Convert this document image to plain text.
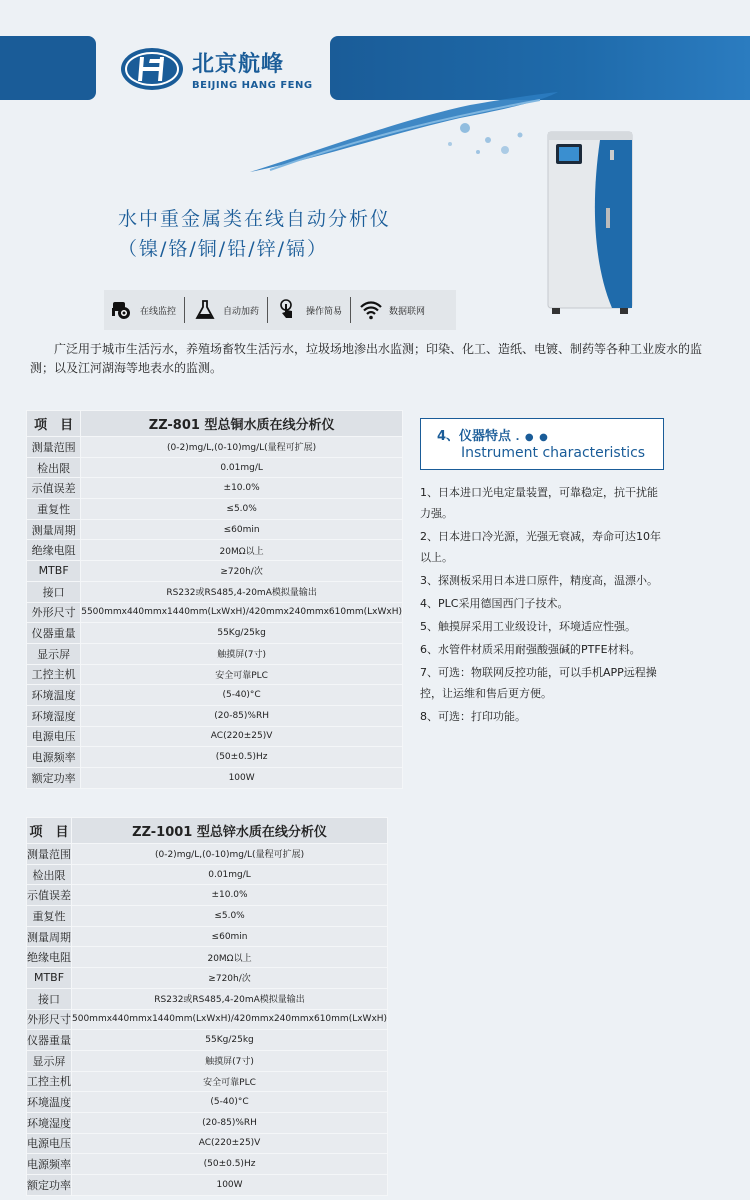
北京航峰
BEIJING HANG FENG
水中重金属类在线自动分析仪
（镍/铬/铜/铅/锌/镉）
在线监控	自动加药	操作简易	数据联网

广泛用于城市生活污水，养殖场畜牧生活污水，垃圾场地渗出水监测；印染、化工、造纸、电镀、制药等各种工业废水的监测；以及江河湖海等地表水的监测。

项　目	ZZ-801 型总铜水质在线分析仪
测量范围	(0-2)mg/L,(0-10)mg/L(量程可扩展)
检出限	0.01mg/L
示值误差	±10.0%
重复性	≤5.0%
测量周期	≤60min
绝缘电阻	20MΩ以上
MTBF	≥720h/次
接口	RS232或RS485,4-20mA模拟量输出
外形尺寸	5500mmx440mmx1440mm(LxWxH)/420mmx240mmx610mm(LxWxH)
仪器重量	55Kg/25kg
显示屏	触摸屏(7寸)
工控主机	安全可靠PLC
环境温度	(5-40)°C
环境湿度	(20-85)%RH
电源电压	AC(220±25)V
电源频率	(50±0.5)Hz
额定功率	100W
项　目	ZZ-1001 型总锌水质在线分析仪
测量范围	(0-2)mg/L,(0-10)mg/L(量程可扩展)
检出限	0.01mg/L
示值误差	±10.0%
重复性	≤5.0%
测量周期	≤60min
绝缘电阻	20MΩ以上
MTBF	≥720h/次
接口	RS232或RS485,4-20mA模拟量输出
外形尺寸	500mmx440mmx1440mm(LxWxH)/420mmx240mmx610mm(LxWxH)
仪器重量	55Kg/25kg
显示屏	触摸屏(7寸)
工控主机	安全可靠PLC
环境温度	(5-40)°C
环境湿度	(20-85)%RH
电源电压	AC(220±25)V
电源频率	(50±0.5)Hz
额定功率	100W
4、仪器特点 . ● ●
Instrument characteristics

1、日本进口光电定量装置，可靠稳定，抗干扰能力强。

2、日本进口冷光源，光强无衰减，寿命可达10年以上。

3、探测板采用日本进口原件，精度高，温漂小。

4、PLC采用德国西门子技术。

5、触摸屏采用工业级设计，环境适应性强。

6、水管件材质采用耐强酸强碱的PTFE材料。

7、可选：物联网反控功能，可以手机APP远程操控，让运维和售后更方便。

8、可选：打印功能。
